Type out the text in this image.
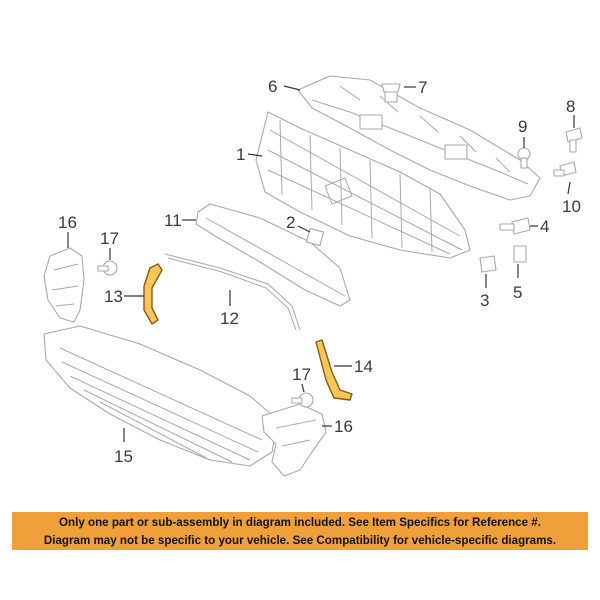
6	7
8
9
10
1
11	2	4
3 5
12
13
14
16
17
17
16
15
Only one part or sub-assembly in diagram included. See Item Specifics for Reference #.
Diagram may not be specific to your vehicle. See Compatibility for vehicle-specific diagrams.
